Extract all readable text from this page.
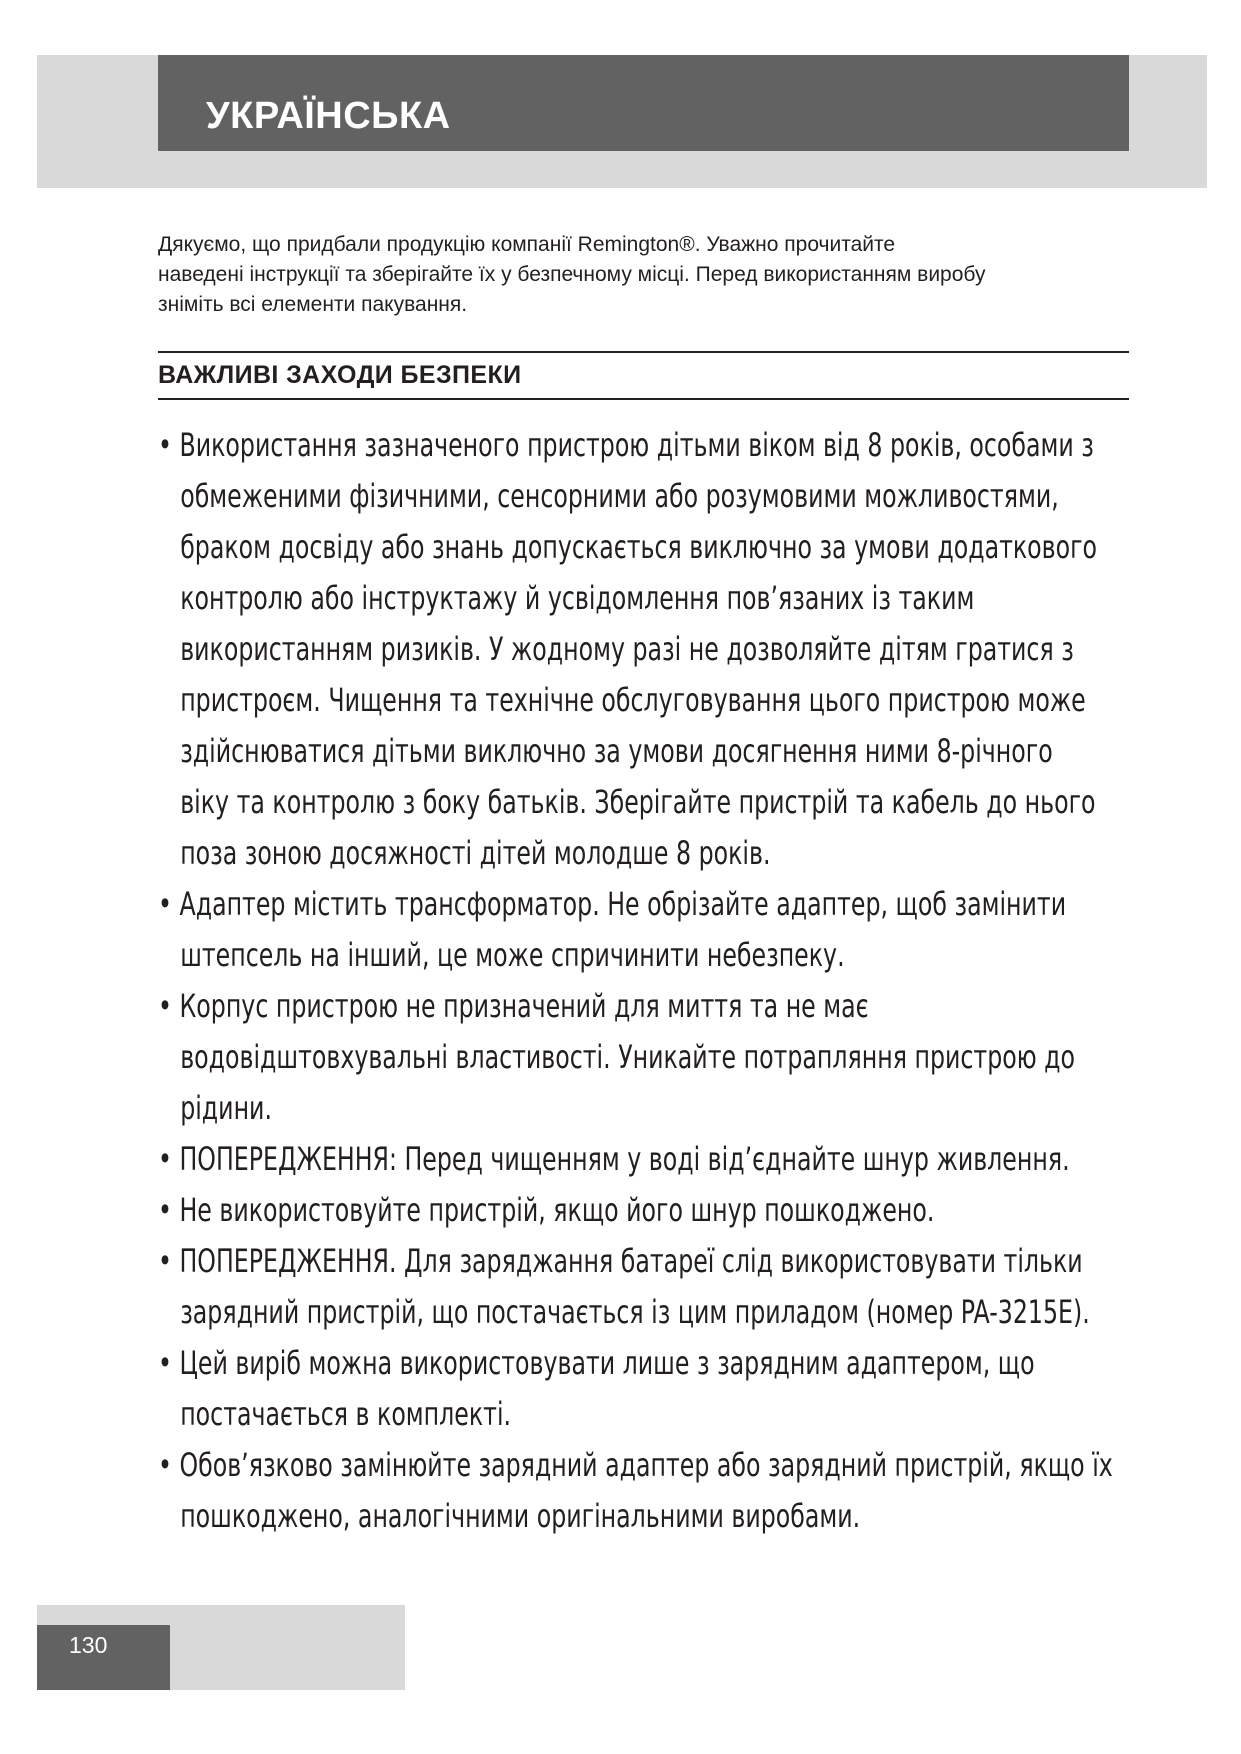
УКРАЇНСЬКА
Дякуємо, що придбали продукцію компанії Remington®. Уважно прочитайте
наведені інструкції та зберігайте їх у безпечному місці. Перед використанням виробу
зніміть всі елементи пакування.
ВАЖЛИВІ ЗАХОДИ БЕЗПЕКИ
• Використання зазначеного пристрою дітьми віком від 8 років, особами з
обмеженими фізичними, сенсорними або розумовими можливостями,
браком досвіду або знань допускається виключно за умови додаткового
контролю або інструктажу й усвідомлення пов’язаних із таким
використанням ризиків. У жодному разі не дозволяйте дітям гратися з
пристроєм. Чищення та технічне обслуговування цього пристрою може
здійснюватися дітьми виключно за умови досягнення ними 8-річного
віку та контролю з боку батьків. Зберігайте пристрій та кабель до нього
поза зоною досяжності дітей молодше 8 років.
• Адаптер містить трансформатор. Не обрізайте адаптер, щоб замінити
штепсель на інший, це може спричинити небезпеку.
• Корпус пристрою не призначений для миття та не має
водовідштовхувальні властивості. Уникайте потрапляння пристрою до
рідини.
• ПОПЕРЕДЖЕННЯ: Перед чищенням у воді від’єднайте шнур живлення.
• Не використовуйте пристрій, якщо його шнур пошкоджено.
• ПОПЕРЕДЖЕННЯ. Для заряджання батареї слід використовувати тільки
зарядний пристрій, що постачається із цим приладом (номер PA-3215E).
• Цей виріб можна використовувати лише з зарядним адаптером, що
постачається в комплекті.
• Обов’язково замінюйте зарядний адаптер або зарядний пристрій, якщо їх
пошкоджено, аналогічними оригінальними виробами.
130
